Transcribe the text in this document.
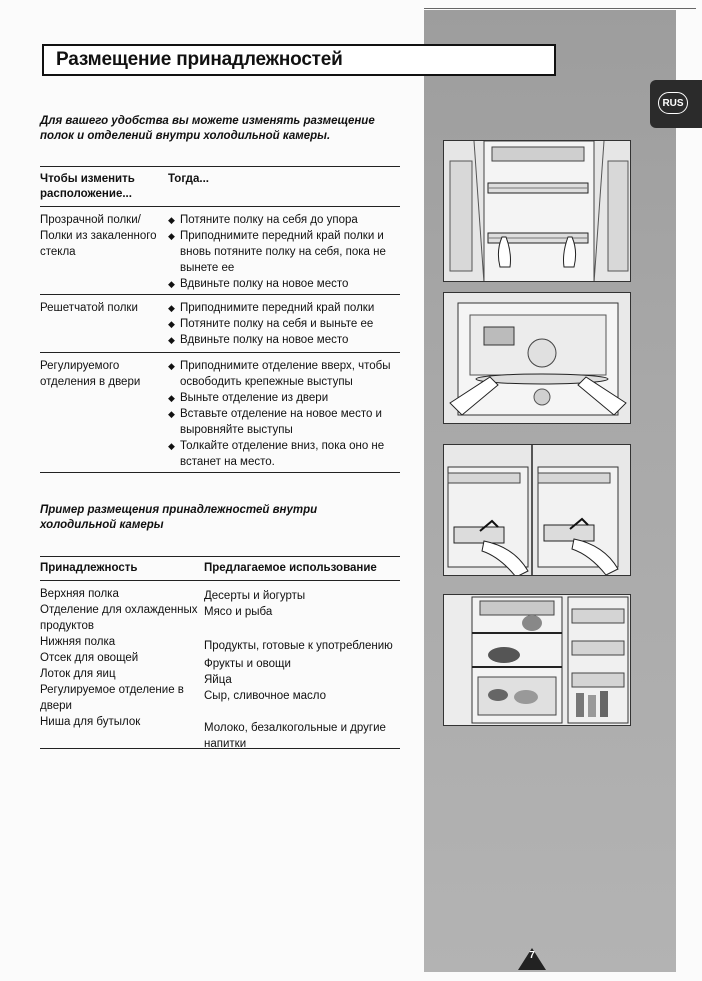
RUS
Размещение принадлежностей
Для вашего удобства вы можете изменять размещение полок и отделений внутри холодильной камеры.
Чтобы изменить расположение...
Тогда...
Прозрачной полки/ Полки из закаленного стекла
◆ Потяните полку на себя до упора
◆ Приподнимите передний край полки и вновь потяните полку на себя, пока не вынете ее
◆ Вдвиньте полку на новое место
Решетчатой полки	◆ Приподнимите передний край полки
◆ Потяните полку на себя и выньте ее
◆ Вдвиньте полку на новое место
Регулируемого отделения в двери
◆ Приподнимите отделение вверх, чтобы освободить крепежные выступы
◆ Выньте отделение из двери
◆ Вставьте отделение на новое место и выровняйте выступы
◆ Толкайте отделение вниз, пока оно не встанет на место.
Пример размещения принадлежностей внутри холодильной камеры
Принадлежность	Предлагаемое использование
Верхняя полка
Отделение для охлажденных продуктов
Нижняя полка
Отсек для овощей
Лоток для яиц
Регулируемое отделение в двери
Ниша для бутылок
Десерты и йогурты
Мясо и рыба
Продукты, готовые к употреблению
Фрукты и овощи
Яйца
Сыр, сливочное масло
Молоко, безалкогольные и другие напитки
7
